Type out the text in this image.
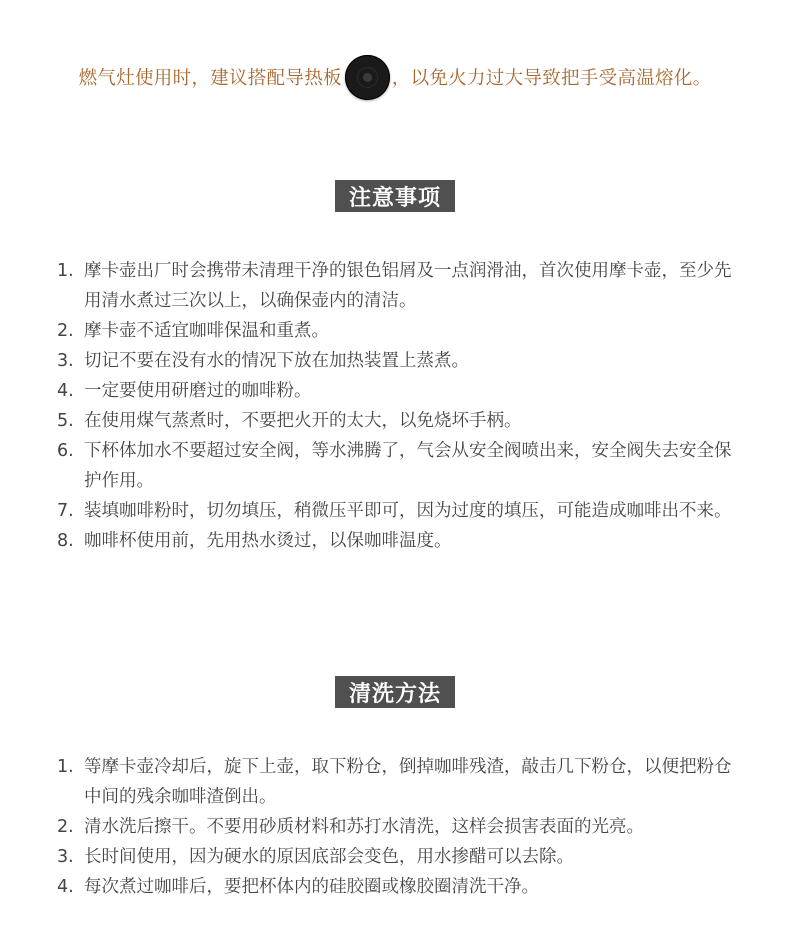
燃气灶使用时，建议搭配导热板	，以免火力过大导致把手受高温熔化。
注意事项
1. 摩卡壶出厂时会携带未清理干净的银色铝屑及一点润滑油，首次使用摩卡壶，至少先用清水煮过三次以上，以确保壶内的清洁。
2. 摩卡壶不适宜咖啡保温和重煮。
3. 切记不要在没有水的情况下放在加热装置上蒸煮。
4. 一定要使用研磨过的咖啡粉。
5. 在使用煤气蒸煮时，不要把火开的太大，以免烧坏手柄。
6. 下杯体加水不要超过安全阀，等水沸腾了，气会从安全阀喷出来，安全阀失去安全保护作用。
7. 装填咖啡粉时，切勿填压，稍微压平即可，因为过度的填压，可能造成咖啡出不来。
8. 咖啡杯使用前，先用热水烫过，以保咖啡温度。
清洗方法
1. 等摩卡壶冷却后，旋下上壶，取下粉仓，倒掉咖啡残渣，敲击几下粉仓，以便把粉仓中间的残余咖啡渣倒出。
2. 清水洗后擦干。不要用砂质材料和苏打水清洗，这样会损害表面的光亮。
3. 长时间使用，因为硬水的原因底部会变色，用水掺醋可以去除。
4. 每次煮过咖啡后，要把杯体内的硅胶圈或橡胶圈清洗干净。
